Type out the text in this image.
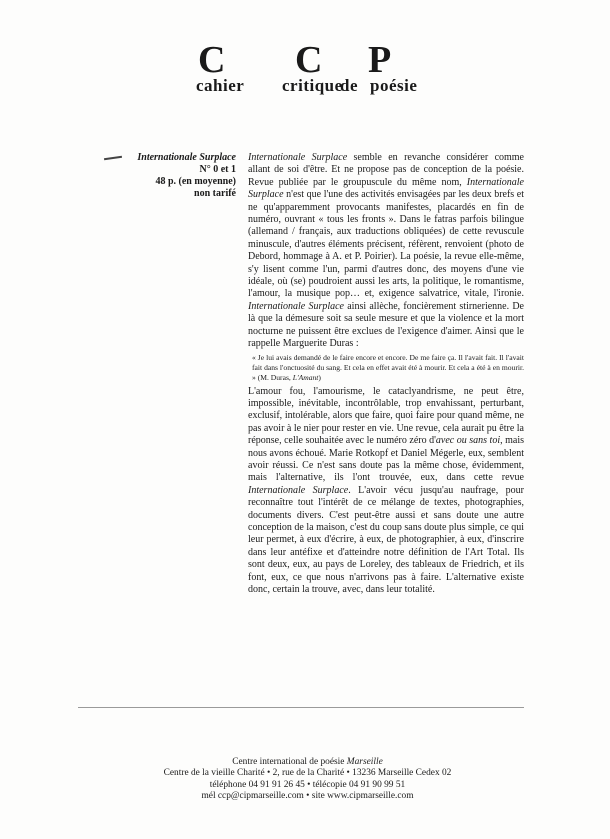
C C P
cahier critique
de poésie
Internationale Surplace
N° 0 et 1
48 p. (en moyenne)
non tarifé

Internationale Surplace semble en revanche considérer comme allant de soi d'être. Et ne propose pas de conception de la poésie. Revue publiée par le groupuscule du même nom, Internationale Surplace n'est que l'une des activités envisagées par les deux brefs et ne qu'apparemment provocants manifestes, placardés en fin de numéro, ouvrant « tous les fronts ». Dans le fatras parfois bilingue (allemand / français, aux traductions obliquées) de cette revuscule minuscule, d'autres éléments précisent, réfèrent, renvoient (photo de Debord, hommage à A. et P. Poirier). La poésie, la revue elle-même, s'y lisent comme l'un, parmi d'autres donc, des moyens d'une vie idéale, où (se) poudroient aussi les arts, la politique, le romantisme, l'amour, la musique pop… et, exigence salvatrice, vitale, l'ironie. Internationale Surplace ainsi allèche, foncièrement stirnerienne. De là que la démesure soit sa seule mesure et que la violence et la mort nocturne ne puissent être exclues de l'exigence d'aimer. Ainsi que le rappelle Marguerite Duras :

« Je lui avais demandé de le faire encore et encore. De me faire ça. Il l'avait fait. Il l'avait fait dans l'onctuosité du sang. Et cela en effet avait été à mourir. Et cela a été à en mourir. » (M. Duras, L'Amant)

L'amour fou, l'amourisme, le cataclyandrisme, ne peut être, impossible, inévitable, incontrôlable, trop envahissant, perturbant, exclusif, intolérable, alors que faire, quoi faire pour quand même, ne pas avoir à le nier pour rester en vie. Une revue, cela aurait pu être la réponse, celle souhaitée avec le numéro zéro d'avec ou sans toi, mais nous avons échoué. Marie Rotkopf et Daniel Mégerle, eux, semblent avoir réussi. Ce n'est sans doute pas la même chose, évidemment, mais l'alternative, ils l'ont trouvée, eux, dans cette revue Internationale Surplace. L'avoir vécu jusqu'au naufrage, pour reconnaître tout l'intérêt de ce mélange de textes, photographies, documents divers. C'est peut-être aussi et sans doute une autre conception de la maison, c'est du coup sans doute plus simple, ce qui leur permet, à eux d'écrire, à eux, de photographier, à eux, d'inscrire dans leur antéfixe et d'atteindre notre définition de l'Art Total. Ils sont deux, eux, au pays de Loreley, des tableaux de Friedrich, et ils font, eux, ce que nous n'arrivons pas à faire. L'alternative existe donc, certain la trouve, avec, dans leur totalité.

Centre international de poésie Marseille
Centre de la vieille Charité • 2, rue de la Charité • 13236 Marseille Cedex 02
téléphone 04 91 91 26 45 • télécopie 04 91 90 99 51
mél ccp@cipmarseille.com • site www.cipmarseille.com
